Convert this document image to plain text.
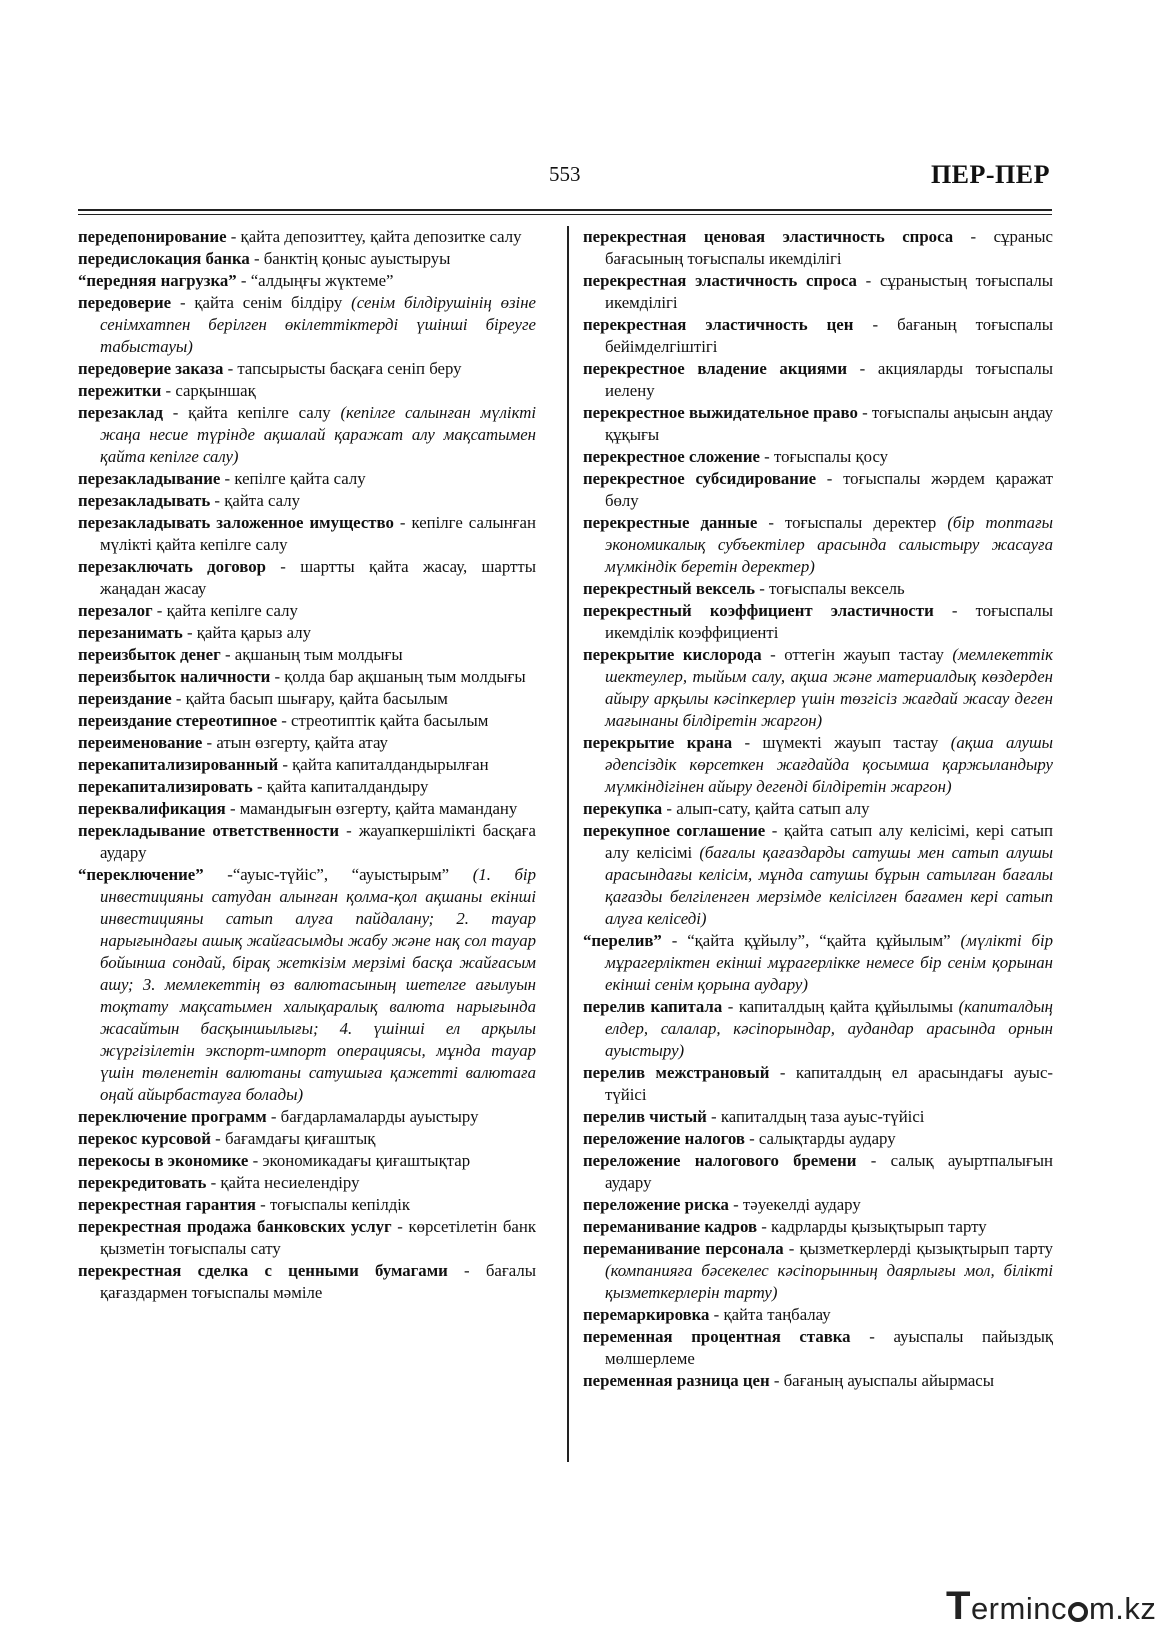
553	ПЕР-ПЕР

передепонирование - қайта депозиттеу, қайта депозитке салу

передислокация банка - банктің қоныс ауыстыруы

“передняя нагрузка” - “алдыңғы жүктеме”

передоверие - қайта сенім білдіру (сенім білдірушінің өзіне сенімхатпен берілген өкілеттіктерді үшінші біреуге табыстауы)

передоверие заказа - тапсырысты басқаға сеніп беру

пережитки - сарқыншақ

перезаклад - қайта кепілге салу (кепілге салынған мүлікті жаңа несие түрінде ақшалай қаражат алу мақсатымен қайта кепілге салу)

перезакладывание - кепілге қайта салу

перезакладывать - қайта салу

перезакладывать заложенное имущество - кепілге салынған мүлікті қайта кепілге салу

перезаключать договор - шартты қайта жасау, шартты жаңадан жасау

перезалог - қайта кепілге салу

перезанимать - қайта қарыз алу

переизбыток денег - ақшаның тым молдығы

переизбыток наличности - қолда бар ақшаның тым молдығы

переиздание - қайта басып шығару, қайта басылым

переиздание стереотипное - стреотиптік қайта басылым

переименование - атын өзгерту, қайта атау

перекапитализированный - қайта капиталдандырылған

перекапитализировать - қайта капиталдандыру

переквалификация - мамандығын өзгерту, қайта мамандану

перекладывание ответственности - жауапкершілікті басқаға аудару

“переключение” -“ауыс-түйіс”, “ауыстырым” (1. бір инвестицияны сатудан алынған қолма-қол ақшаны екінші инвестицияны сатып алуға пайдалану; 2. тауар нарығындағы ашық жайғасымды жабу және нақ сол тауар бойынша сондай, бірақ жеткізім мерзімі басқа жайғасым ашу; 3. мемлекеттің өз валютасының шетелге ағылуын тоқтату мақсатымен халықаралық валюта нарығында жасайтын басқыншылығы; 4. үшінші ел арқылы жүргізілетін экспорт-импорт операциясы, мұнда тауар үшін төленетін валютаны сатушыға қажетті валютаға оңай айырбастауға болады)

переключение программ - бағдарламаларды ауыстыру

перекос курсовой - бағамдағы қиғаштық

перекосы в экономике - экономикадағы қиғаштықтар

перекредитовать - қайта несиелендіру

перекрестная гарантия - тоғыспалы кепілдік

перекрестная продажа банковских услуг - көрсетілетін банк қызметін тоғыспалы сату

перекрестная сделка с ценными бумагами - бағалы қағаздармен тоғыспалы мәміле

перекрестная ценовая эластичность спроса - сұраныс бағасының тоғыспалы икемділігі

перекрестная эластичность спроса - сұраныстың тоғыспалы икемділігі

перекрестная эластичность цен - бағаның тоғыспалы бейімделгіштігі

перекрестное владение акциями - акцияларды тоғыспалы иелену

перекрестное выжидательное право - тоғыспалы аңысын аңдау құқығы

перекрестное сложение - тоғыспалы қосу

перекрестное субсидирование - тоғыспалы жәрдем қаражат бөлу

перекрестные данные - тоғыспалы деректер (бір топтағы экономикалық субъектілер арасында салыстыру жасауға мүмкіндік беретін деректер)

перекрестный вексель - тоғыспалы вексель

перекрестный коэффициент эластичности - тоғыспалы икемділік коэффициенті

перекрытие кислорода - оттегін жауып тастау (мемлекеттік шектеулер, тыйым салу, ақша және материалдық көздерден айыру арқылы кәсіпкерлер үшін төзгісіз жағдай жасау деген мағынаны білдіретін жаргон)

перекрытие крана - шүмекті жауып тастау (ақша алушы әдепсіздік көрсеткен жағдайда қосымша қаржыландыру мүмкіндігінен айыру дегенді білдіретін жаргон)

перекупка - алып-сату, қайта сатып алу

перекупное соглашение - қайта сатып алу келісімі, кері сатып алу келісімі (бағалы қағаздарды сатушы мен сатып алушы арасындағы келісім, мұнда сатушы бұрын сатылған бағалы қағазды белгіленген мерзімде келісілген бағамен кері сатып алуға келіседі)

“перелив” - “қайта құйылу”, “қайта құйылым” (мүлікті бір мұрагерліктен екінші мұрагерлікке немесе бір сенім қорынан екінші сенім қорына аудару)

перелив капитала - капиталдың қайта құйылымы (капиталдың елдер, салалар, кәсіпорындар, аудандар арасында орнын ауыстыру)

перелив межстрановый - капиталдың ел арасындағы ауыс-түйісі

перелив чистый - капиталдың таза ауыс-түйісі

переложение налогов - салықтарды аудару

переложение налогового бремени - салық ауыртпалығын аудару

переложение риска - тәуекелді аудару

переманивание кадров - кадрларды қызықтырып тарту

переманивание персонала - қызметкерлерді қызықтырып тарту (компанияға бәсекелес кәсіпорынның даярлығы мол, білікті қызметкерлерін тарту)

перемаркировка - қайта таңбалау

переменная процентная ставка - ауыспалы пайыздық мөлшерлеме

переменная разница цен - бағаның ауыспалы айырмасы

Terminc m.kz
